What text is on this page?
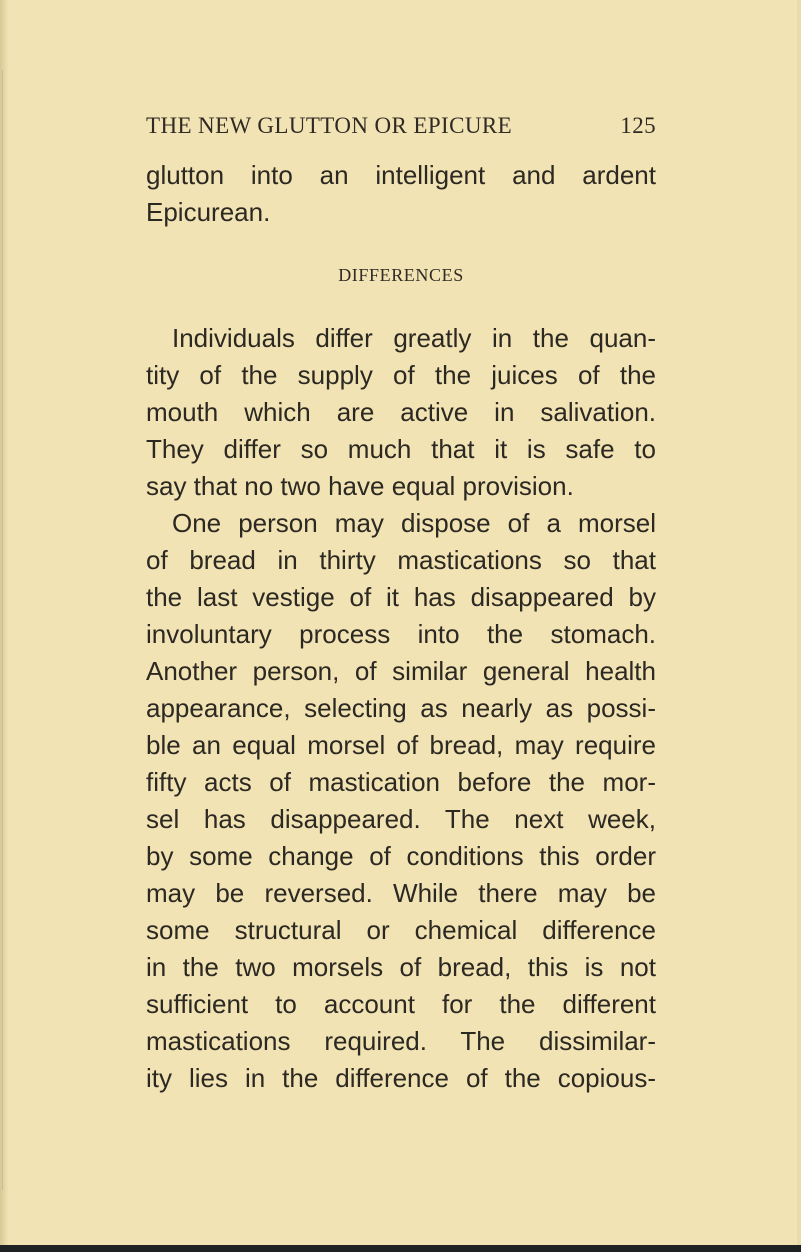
THE NEW GLUTTON OR EPICURE	125
glutton into an intelligent and ardent
Epicurean.
DIFFERENCES
Individuals differ greatly in the quan-
tity of the supply of the juices of the
mouth which are active in salivation.
They differ so much that it is safe to
say that no two have equal provision.
One person may dispose of a morsel
of bread in thirty mastications so that
the last vestige of it has disappeared by
involuntary process into the stomach.
Another person, of similar general health
appearance, selecting as nearly as possi-
ble an equal morsel of bread, may require
fifty acts of mastication before the mor-
sel has disappeared. The next week,
by some change of conditions this order
may be reversed. While there may be
some structural or chemical difference
in the two morsels of bread, this is not
sufficient to account for the different
mastications required. The dissimilar-
ity lies in the difference of the copious-
